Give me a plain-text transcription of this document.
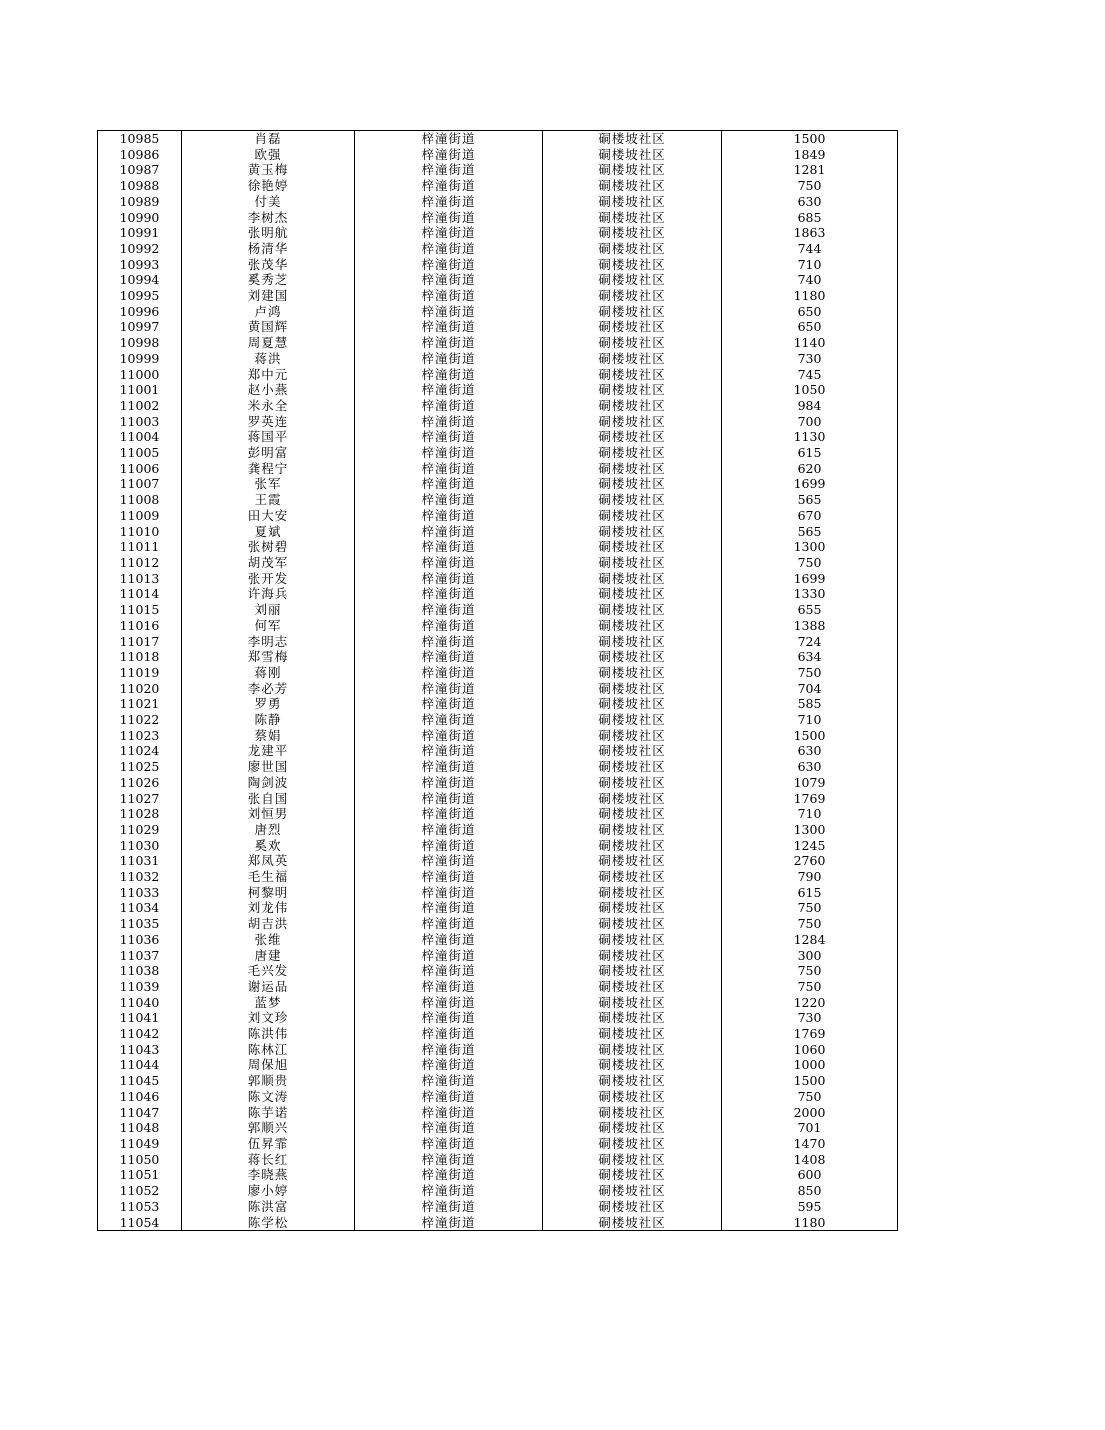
10985	肖磊	梓潼街道	硐楼坡社区	1500
10986	欧强	梓潼街道	硐楼坡社区	1849
10987	黄玉梅	梓潼街道	硐楼坡社区	1281
10988	徐艳婷	梓潼街道	硐楼坡社区	750
10989	付美	梓潼街道	硐楼坡社区	630
10990	李树杰	梓潼街道	硐楼坡社区	685
10991	张明航	梓潼街道	硐楼坡社区	1863
10992	杨清华	梓潼街道	硐楼坡社区	744
10993	张茂华	梓潼街道	硐楼坡社区	710
10994	奚秀芝	梓潼街道	硐楼坡社区	740
10995	刘建国	梓潼街道	硐楼坡社区	1180
10996	卢鸿	梓潼街道	硐楼坡社区	650
10997	黄国辉	梓潼街道	硐楼坡社区	650
10998	周夏慧	梓潼街道	硐楼坡社区	1140
10999	蒋洪	梓潼街道	硐楼坡社区	730
11000	郑中元	梓潼街道	硐楼坡社区	745
11001	赵小燕	梓潼街道	硐楼坡社区	1050
11002	米永全	梓潼街道	硐楼坡社区	984
11003	罗英连	梓潼街道	硐楼坡社区	700
11004	蒋国平	梓潼街道	硐楼坡社区	1130
11005	彭明富	梓潼街道	硐楼坡社区	615
11006	龚程宁	梓潼街道	硐楼坡社区	620
11007	张军	梓潼街道	硐楼坡社区	1699
11008	王霞	梓潼街道	硐楼坡社区	565
11009	田大安	梓潼街道	硐楼坡社区	670
11010	夏斌	梓潼街道	硐楼坡社区	565
11011	张树碧	梓潼街道	硐楼坡社区	1300
11012	胡茂军	梓潼街道	硐楼坡社区	750
11013	张开发	梓潼街道	硐楼坡社区	1699
11014	许海兵	梓潼街道	硐楼坡社区	1330
11015	刘丽	梓潼街道	硐楼坡社区	655
11016	何军	梓潼街道	硐楼坡社区	1388
11017	李明志	梓潼街道	硐楼坡社区	724
11018	郑雪梅	梓潼街道	硐楼坡社区	634
11019	蒋刚	梓潼街道	硐楼坡社区	750
11020	李必芳	梓潼街道	硐楼坡社区	704
11021	罗勇	梓潼街道	硐楼坡社区	585
11022	陈静	梓潼街道	硐楼坡社区	710
11023	蔡娟	梓潼街道	硐楼坡社区	1500
11024	龙建平	梓潼街道	硐楼坡社区	630
11025	廖世国	梓潼街道	硐楼坡社区	630
11026	陶剑波	梓潼街道	硐楼坡社区	1079
11027	张自国	梓潼街道	硐楼坡社区	1769
11028	刘恒男	梓潼街道	硐楼坡社区	710
11029	唐烈	梓潼街道	硐楼坡社区	1300
11030	奚欢	梓潼街道	硐楼坡社区	1245
11031	郑凤英	梓潼街道	硐楼坡社区	2760
11032	毛生福	梓潼街道	硐楼坡社区	790
11033	柯黎明	梓潼街道	硐楼坡社区	615
11034	刘龙伟	梓潼街道	硐楼坡社区	750
11035	胡吉洪	梓潼街道	硐楼坡社区	750
11036	张维	梓潼街道	硐楼坡社区	1284
11037	唐建	梓潼街道	硐楼坡社区	300
11038	毛兴发	梓潼街道	硐楼坡社区	750
11039	谢运品	梓潼街道	硐楼坡社区	750
11040	蓝梦	梓潼街道	硐楼坡社区	1220
11041	刘文珍	梓潼街道	硐楼坡社区	730
11042	陈洪伟	梓潼街道	硐楼坡社区	1769
11043	陈林江	梓潼街道	硐楼坡社区	1060
11044	周保旭	梓潼街道	硐楼坡社区	1000
11045	郭顺贵	梓潼街道	硐楼坡社区	1500
11046	陈文涛	梓潼街道	硐楼坡社区	750
11047	陈芋诺	梓潼街道	硐楼坡社区	2000
11048	郭顺兴	梓潼街道	硐楼坡社区	701
11049	伍昇霏	梓潼街道	硐楼坡社区	1470
11050	蒋长红	梓潼街道	硐楼坡社区	1408
11051	李晓燕	梓潼街道	硐楼坡社区	600
11052	廖小婷	梓潼街道	硐楼坡社区	850
11053	陈洪富	梓潼街道	硐楼坡社区	595
11054	陈学松	梓潼街道	硐楼坡社区	1180
